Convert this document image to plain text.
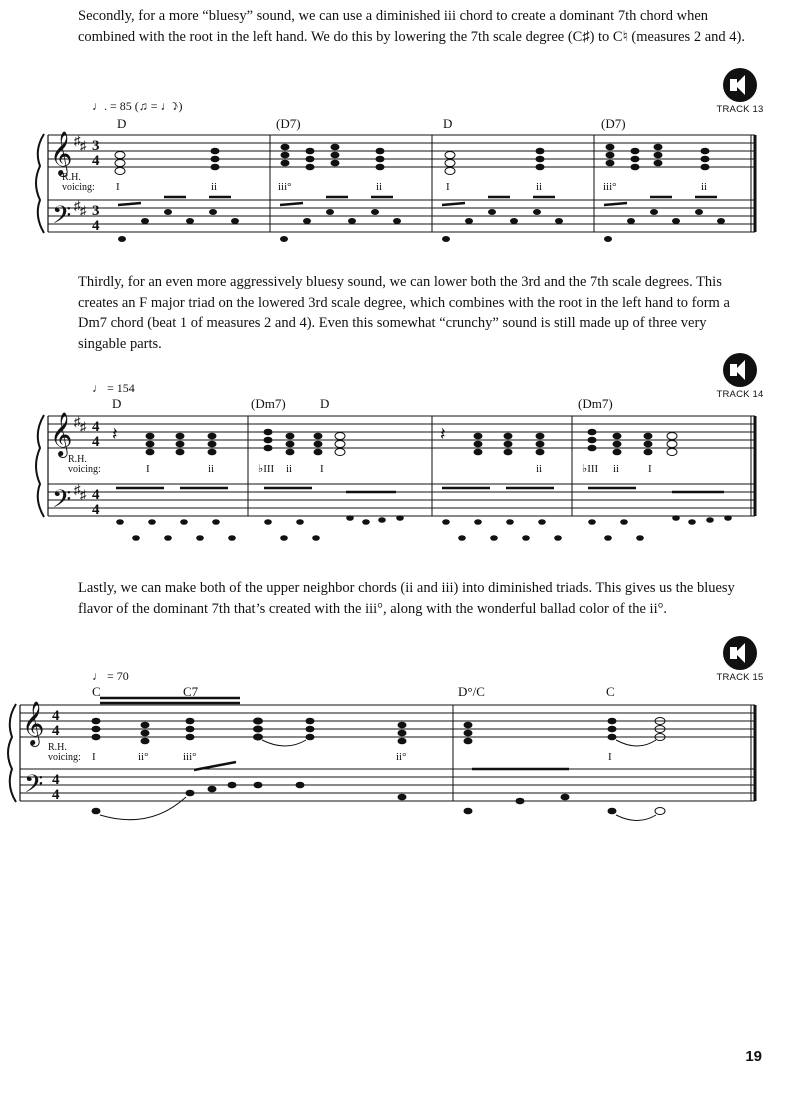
Secondly, for a more “bluesy” sound, we can use a diminished iii chord to create a dominant 7th chord when combined with the root in the left hand. We do this by lowering the 7th scale degree (C♯) to C♮ (measures 2 and 4).

Thirdly, for an even more aggressively bluesy sound, we can lower both the 3rd and the 7th scale degrees. This creates an F major triad on the lowered 3rd scale degree, which combines with the root in the left hand to form a Dm7 chord (beat 1 of measures 2 and 4). Even this somewhat “crunchy” sound is still made up of three very singable parts.

Lastly, we can make both of the upper neighbor chords (ii and iii) into diminished triads. This gives us the bluesy flavor of the dominant 7th that’s created with the iii°, along with the wonderful ballad color of the ii°.

TRACK 13
TRACK 14
TRACK 15
♩. = 85 (♫ = ♩̃♪)
D	(D7)	D	(D7)
𝄞
𝄢
♯ ♯
♯ ♯
3
4
3
4
R.H.
voicing: I	ii	iii°	ii	I	ii	iii°	ii
♩ = 154
D	(Dm7)	D	(Dm7)
𝄞
𝄢
♯ ♯
♯ ♯
4
4
4
4
𝄽	𝄽
R.H.
voicing:	I	ii	♭III ii	I	ii	♭III ii	I
♩ = 70
C	C7	D°/C	C
𝄞
𝄢
4
4
4
4
R.H.
voicing: I	ii°	iii°	ii°	I
19
